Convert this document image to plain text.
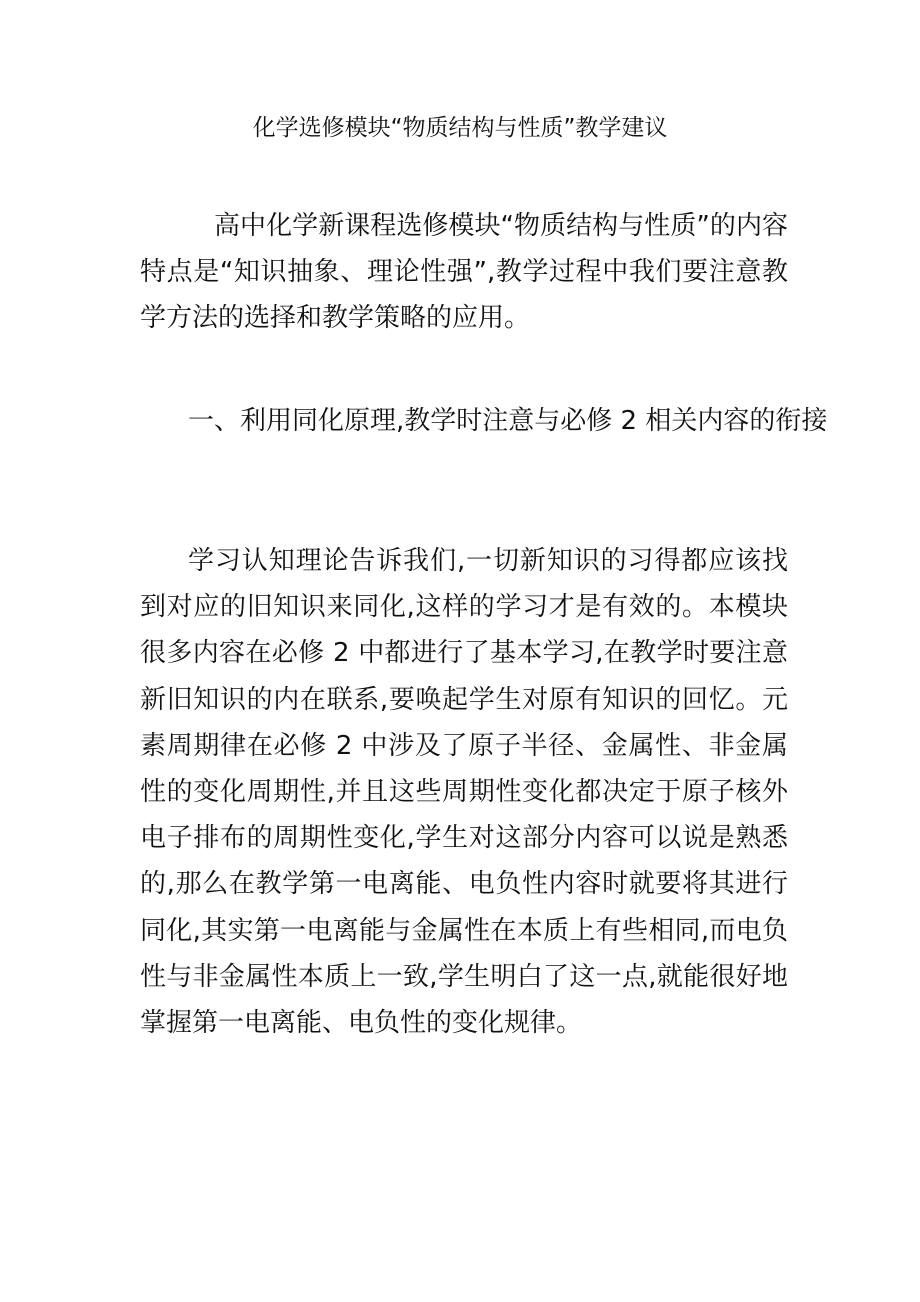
化学选修模块“物质结构与性质”教学建议

高中化学新课程选修模块“物质结构与性质”的内容特点是“知识抽象、理论性强”,教学过程中我们要注意教学方法的选择和教学策略的应用。

一、利用同化原理,教学时注意与必修 2 相关内容的衔接

学习认知理论告诉我们,一切新知识的习得都应该找到对应的旧知识来同化,这样的学习才是有效的。本模块很多内容在必修 2 中都进行了基本学习,在教学时要注意新旧知识的内在联系,要唤起学生对原有知识的回忆。元素周期律在必修 2 中涉及了原子半径、金属性、非金属性的变化周期性,并且这些周期性变化都决定于原子核外电子排布的周期性变化,学生对这部分内容可以说是熟悉的,那么在教学第一电离能、电负性内容时就要将其进行同化,其实第一电离能与金属性在本质上有些相同,而电负性与非金属性本质上一致,学生明白了这一点,就能很好地掌握第一电离能、电负性的变化规律。
